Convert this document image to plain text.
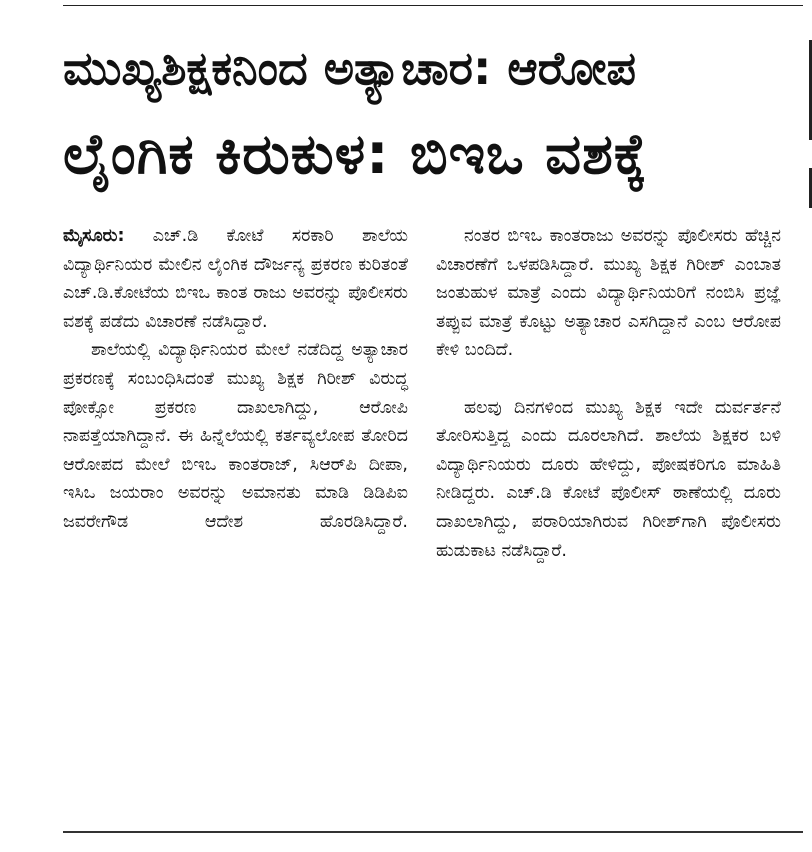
ಮುಖ್ಯಶಿಕ್ಷಕನಿಂದ ಅತ್ಯಾಚಾರ: ಆರೋಪ
ಲೈಂಗಿಕ ಕಿರುಕುಳ: ಬಿಇಒ ವಶಕ್ಕೆ

ಮೈಸೂರು: ಎಚ್.ಡಿ ಕೋಟೆ ಸರಕಾರಿ ಶಾಲೆಯ ವಿದ್ಯಾರ್ಥಿನಿಯರ ಮೇಲಿನ ಲೈಂಗಿಕ ದೌರ್ಜನ್ಯ ಪ್ರಕರಣ ಕುರಿತಂತೆ ಎಚ್.ಡಿ.ಕೋಟೆಯ ಬಿಇಒ ಕಾಂತ ರಾಜು ಅವರನ್ನು ಪೊಲೀಸರು ವಶಕ್ಕೆ ಪಡೆದು ವಿಚಾರಣೆ ನಡೆಸಿದ್ದಾರೆ.

ಶಾಲೆಯಲ್ಲಿ ವಿದ್ಯಾರ್ಥಿನಿಯರ ಮೇಲೆ ನಡೆದಿದ್ದ ಅತ್ಯಾಚಾರ ಪ್ರಕರಣಕ್ಕೆ ಸಂಬಂಧಿಸಿದಂತೆ ಮುಖ್ಯ ಶಿಕ್ಷಕ ಗಿರೀಶ್ ವಿರುದ್ಧ ಪೋಕ್ಸೋ ಪ್ರಕರಣ ದಾಖಲಾಗಿದ್ದು, ಆರೋಪಿ ನಾಪತ್ತೆಯಾಗಿದ್ದಾನೆ. ಈ ಹಿನ್ನೆಲೆಯಲ್ಲಿ ಕರ್ತವ್ಯಲೋಪ ತೋರಿದ ಆರೋಪದ ಮೇಲೆ ಬಿಇಒ ಕಾಂತರಾಜ್, ಸಿಆರ್‌ಪಿ ದೀಪಾ, ಇಸಿಒ ಜಯರಾಂ ಅವರನ್ನು ಅಮಾನತು ಮಾಡಿ ಡಿಡಿಪಿಐ ಜವರೇಗೌಡ ಆದೇಶ ಹೊರಡಿಸಿದ್ದಾರೆ.

ನಂತರ ಬಿಇಒ ಕಾಂತರಾಜು ಅವರನ್ನು ಪೊಲೀಸರು ಹೆಚ್ಚಿನ ವಿಚಾರಣೆಗೆ ಒಳಪಡಿಸಿದ್ದಾರೆ. ಮುಖ್ಯ ಶಿಕ್ಷಕ ಗಿರೀಶ್ ಎಂಬಾತ ಜಂತುಹುಳ ಮಾತ್ರೆ ಎಂದು ವಿದ್ಯಾರ್ಥಿನಿಯರಿಗೆ ನಂಬಿಸಿ ಪ್ರಜ್ಞೆ ತಪ್ಪುವ ಮಾತ್ರೆ ಕೊಟ್ಟು ಅತ್ಯಾಚಾರ ಎಸಗಿದ್ದಾನೆ ಎಂಬ ಆರೋಪ ಕೇಳಿ ಬಂದಿದೆ.

ಹಲವು ದಿನಗಳಿಂದ ಮುಖ್ಯ ಶಿಕ್ಷಕ ಇದೇ ದುರ್ವರ್ತನೆ ತೋರಿಸುತ್ತಿದ್ದ ಎಂದು ದೂರಲಾಗಿದೆ. ಶಾಲೆಯ ಶಿಕ್ಷಕರ ಬಳಿ ವಿದ್ಯಾರ್ಥಿನಿಯರು ದೂರು ಹೇಳಿದ್ದು, ಪೋಷಕರಿಗೂ ಮಾಹಿತಿ ನೀಡಿದ್ದರು. ಎಚ್.ಡಿ ಕೋಟೆ ಪೊಲೀಸ್ ಠಾಣೆಯಲ್ಲಿ ದೂರು ದಾಖಲಾಗಿದ್ದು, ಪರಾರಿಯಾಗಿರುವ ಗಿರೀಶ್‌ಗಾಗಿ ಪೊಲೀಸರು ಹುಡುಕಾಟ ನಡೆಸಿದ್ದಾರೆ.
